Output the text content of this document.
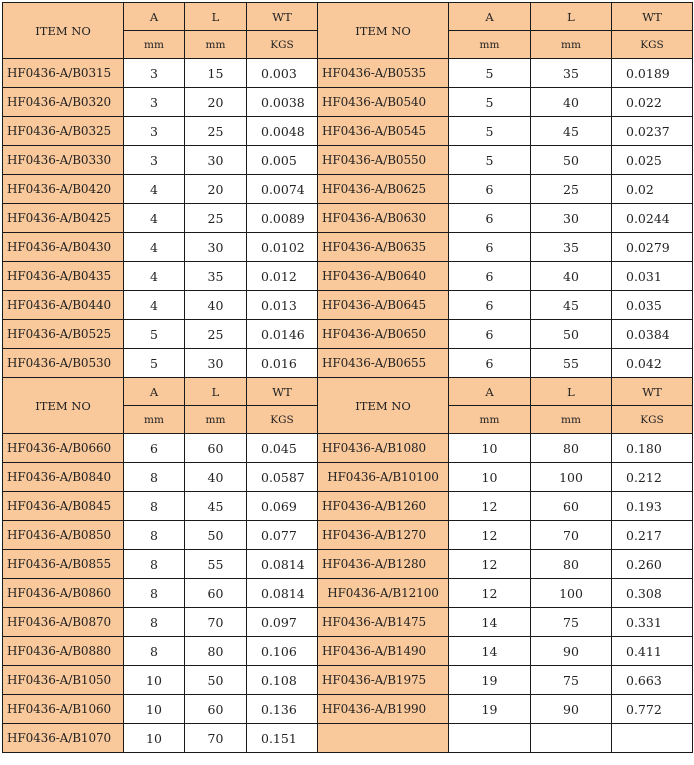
ITEM NO	A	L	WT	ITEM NO	A	L	WT
	mm	mm	KGS		mm	mm	KGS
HF0436-A/B0315	3	15	0.003	HF0436-A/B0535	5	35	0.0189
HF0436-A/B0320	3	20	0.0038	HF0436-A/B0540	5	40	0.022
HF0436-A/B0325	3	25	0.0048	HF0436-A/B0545	5	45	0.0237
HF0436-A/B0330	3	30	0.005	HF0436-A/B0550	5	50	0.025
HF0436-A/B0420	4	20	0.0074	HF0436-A/B0625	6	25	0.02
HF0436-A/B0425	4	25	0.0089	HF0436-A/B0630	6	30	0.0244
HF0436-A/B0430	4	30	0.0102	HF0436-A/B0635	6	35	0.0279
HF0436-A/B0435	4	35	0.012	HF0436-A/B0640	6	40	0.031
HF0436-A/B0440	4	40	0.013	HF0436-A/B0645	6	45	0.035
HF0436-A/B0525	5	25	0.0146	HF0436-A/B0650	6	50	0.0384
HF0436-A/B0530	5	30	0.016	HF0436-A/B0655	6	55	0.042
ITEM NO	A	L	WT	ITEM NO	A	L	WT
	mm	mm	KGS		mm	mm	KGS
HF0436-A/B0660	6	60	0.045	HF0436-A/B1080	10	80	0.180
HF0436-A/B0840	8	40	0.0587	HF0436-A/B10100	10	100	0.212
HF0436-A/B0845	8	45	0.069	HF0436-A/B1260	12	60	0.193
HF0436-A/B0850	8	50	0.077	HF0436-A/B1270	12	70	0.217
HF0436-A/B0855	8	55	0.0814	HF0436-A/B1280	12	80	0.260
HF0436-A/B0860	8	60	0.0814	HF0436-A/B12100	12	100	0.308
HF0436-A/B0870	8	70	0.097	HF0436-A/B1475	14	75	0.331
HF0436-A/B0880	8	80	0.106	HF0436-A/B1490	14	90	0.411
HF0436-A/B1050	10	50	0.108	HF0436-A/B1975	19	75	0.663
HF0436-A/B1060	10	60	0.136	HF0436-A/B1990	19	90	0.772
HF0436-A/B1070	10	70	0.151				
